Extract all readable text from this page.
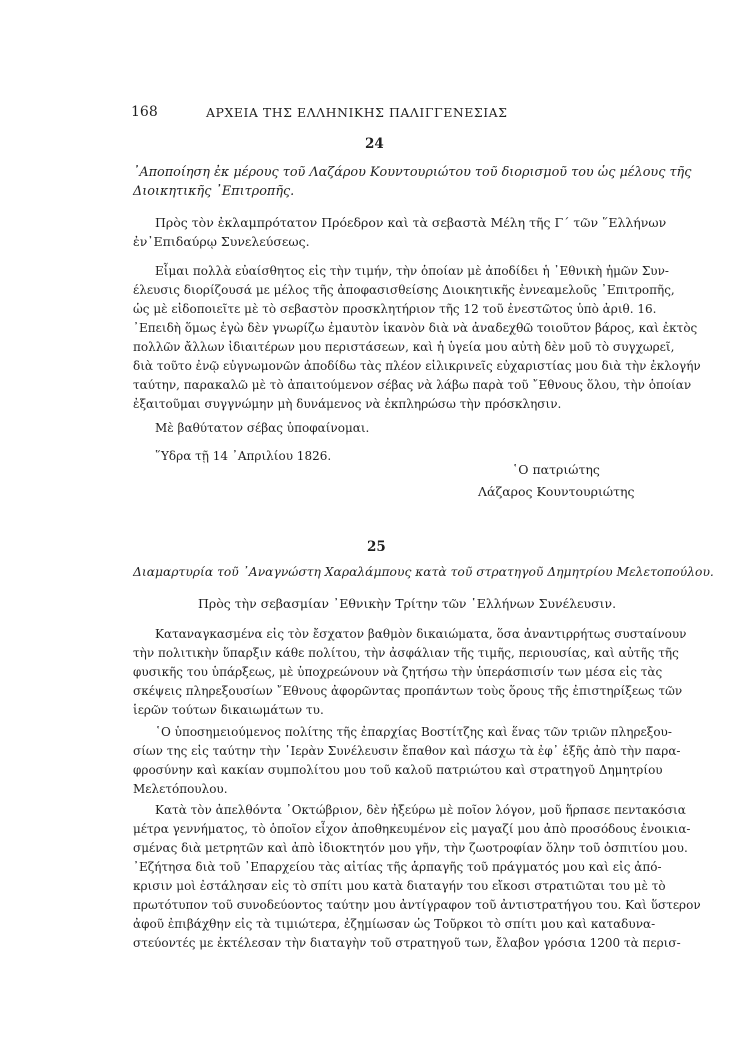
168	ΑΡΧΕΙΑ ΤΗΣ ΕΛΛΗΝΙΚΗΣ ΠΑΛΙΓΓΕΝΕΣΙΑΣ
24
᾿Αποποίηση ἐκ μέρους τοῦ Λαζάρου Κουντουριώτου τοῦ διορισμοῦ του ὡς μέλους τῆς
Διοικητικῆς ᾿Επιτροπῆς.
Πρὸς τὸν ἐκλαμπρότατον Πρόεδρον καὶ τὰ σεβαστὰ Μέλη τῆς Γ΄ τῶν ῞Ελλήνων
ἐν᾿Επιδαύρῳ Συνελεύσεως.
Εἶμαι πολλὰ εὐαίσθητος εἰς τὴν τιμήν, τὴν ὁποίαν μὲ ἀποδίδει ἡ ᾿Εθνικὴ ἡμῶν Συν-
έλευσις διορίζουσά με μέλος τῆς ἀποφασισθείσης Διοικητικῆς ἐννεαμελοῦς ᾿Επιτροπῆς,
ὡς μὲ εἰδοποιεῖτε μὲ τὸ σεβαστὸν προσκλητήριον τῆς 12 τοῦ ἐνεστῶτος ὑπὸ ἀριθ. 16.
᾿Επειδὴ ὅμως ἐγὼ δὲν γνωρίζω ἐμαυτὸν ἱκανὸν διὰ νὰ ἀναδεχθῶ τοιοῦτον βάρος, καὶ ἐκτὸς
πολλῶν ἄλλων ἰδιαιτέρων μου περιστάσεων, καὶ ἡ ὑγεία μου αὐτὴ δὲν μοῦ τὸ συγχωρεῖ,
διὰ τοῦτο ἐνῷ εὐγνωμονῶν ἀποδίδω τὰς πλέον εἰλικρινεῖς εὐχαριστίας μου διὰ τὴν ἐκλογήν
ταύτην, παρακαλῶ μὲ τὸ ἀπαιτούμενον σέβας νὰ λάβω παρὰ τοῦ ῎Εθνους ὅλου, τὴν ὁποίαν
ἐξαιτοῦμαι συγγνώμην μὴ δυνάμενος νὰ ἐκπληρώσω τὴν πρόσκλησιν.
Μὲ βαθύτατον σέβας ὑποφαίνομαι.
῞Υδρα τῇ 14 ᾿Απριλίου 1826.
῾Ο πατριώτης
Λάζαρος Κουντουριώτης
25
Διαμαρτυρία τοῦ ᾿Αναγνώστη Χαραλάμπους κατὰ τοῦ στρατηγοῦ Δημητρίου Μελετοπούλου.
Πρὸς τὴν σεβασμίαν ᾿Εθνικὴν Τρίτην τῶν ῾Ελλήνων Συνέλευσιν.
Καταναγκασμένα εἰς τὸν ἔσχατον βαθμὸν δικαιώματα, ὅσα ἀναντιρρήτως συσταίνουν
τὴν πολιτικὴν ὕπαρξιν κάθε πολίτου, τὴν ἀσφάλιαν τῆς τιμῆς, περιουσίας, καὶ αὐτῆς τῆς
φυσικῆς του ὑπάρξεως, μὲ ὑποχρεώνουν νὰ ζητήσω τὴν ὑπεράσπισίν των μέσα εἰς τὰς
σκέψεις πληρεξουσίων ῎Εθνους ἀφορῶντας προπάντων τοὺς ὅρους τῆς ἐπιστηρίξεως τῶν
ἱερῶν τούτων δικαιωμάτων τυ.
῾Ο ὑποσημειούμενος πολίτης τῆς ἐπαρχίας Βοστίτζης καὶ ἕνας τῶν τριῶν πληρεξου-
σίων της εἰς ταύτην τὴν ῾Ιερὰν Συνέλευσιν ἔπαθον καὶ πάσχω τὰ ἐφ᾿ ἑξῆς ἀπὸ τὴν παρα-
φροσύνην καὶ κακίαν συμπολίτου μου τοῦ καλοῦ πατριώτου καὶ στρατηγοῦ Δημητρίου
Μελετόπουλου.
Κατὰ τὸν ἀπελθόντα ᾿Οκτώβριον, δὲν ἠξεύρω μὲ ποῖον λόγον, μοῦ ἥρπασε πεντακόσια
μέτρα γεννήματος, τὸ ὁποῖον εἶχον ἀποθηκευμένον εἰς μαγαζί μου ἀπὸ προσόδους ἐνοικια-
σμένας διὰ μετρητῶν καὶ ἀπὸ ἰδιοκτητόν μου γῆν, τὴν ζωοτροφίαν ὅλην τοῦ ὀσπιτίου μου.
᾿Εζήτησα διὰ τοῦ ᾿Επαρχείου τὰς αἰτίας τῆς ἁρπαγῆς τοῦ πράγματός μου καὶ εἰς ἀπό-
κρισιν μοὶ ἐστάλησαν εἰς τὸ σπίτι μου κατὰ διαταγήν του εἴκοσι στρατιῶται του μὲ τὸ
πρωτότυπον τοῦ συνοδεύοντος ταύτην μου ἀντίγραφον τοῦ ἀντιστρατήγου του. Καὶ ὕστερον
ἀφοῦ ἐπιβάχθην εἰς τὰ τιμιώτερα, ἐζημίωσαν ὡς Τοῦρκοι τὸ σπίτι μου καὶ καταδυνα-
στεύοντές με ἐκτέλεσαν τὴν διαταγὴν τοῦ στρατηγοῦ των, ἔλαβον γρόσια 1200 τὰ περισ-
